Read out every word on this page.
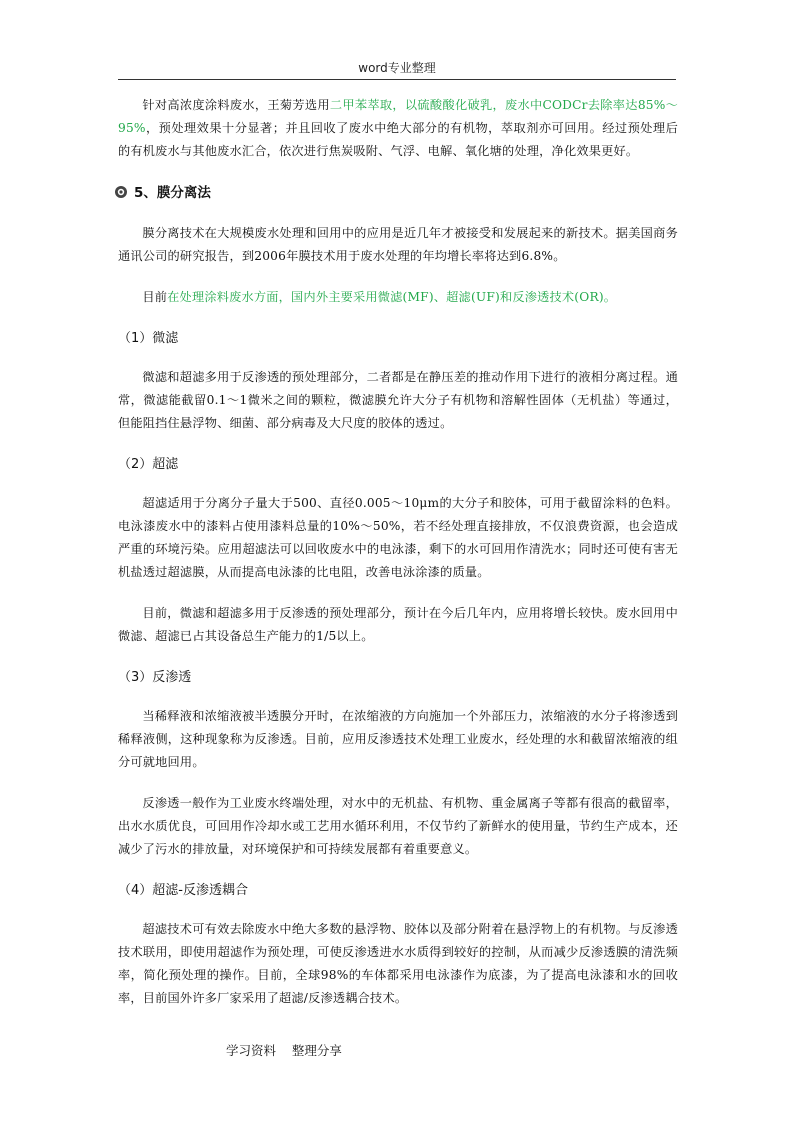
word专业整理

针对高浓度涂料废水，王菊芳选用二甲苯萃取，以硫酸酸化破乳，废水中CODCr去除率达85%～95%，预处理效果十分显著；并且回收了废水中绝大部分的有机物，萃取剂亦可回用。经过预处理后的有机废水与其他废水汇合，依次进行焦炭吸附、气浮、电解、氧化塘的处理，净化效果更好。

5、膜分离法

膜分离技术在大规模废水处理和回用中的应用是近几年才被接受和发展起来的新技术。据美国商务通讯公司的研究报告，到2006年膜技术用于废水处理的年均增长率将达到6.8%。

目前在处理涂料废水方面，国内外主要采用微滤(MF)、超滤(UF)和反渗透技术(OR)。

（1）微滤

微滤和超滤多用于反渗透的预处理部分，二者都是在静压差的推动作用下进行的液相分离过程。通常，微滤能截留0.1～1微米之间的颗粒，微滤膜允许大分子有机物和溶解性固体（无机盐）等通过，但能阻挡住悬浮物、细菌、部分病毒及大尺度的胶体的透过。

（2）超滤

超滤适用于分离分子量大于500、直径0.005～10μm的大分子和胶体，可用于截留涂料的色料。电泳漆废水中的漆料占使用漆料总量的10%～50%，若不经处理直接排放，不仅浪费资源，也会造成严重的环境污染。应用超滤法可以回收废水中的电泳漆，剩下的水可回用作清洗水；同时还可使有害无机盐透过超滤膜，从而提高电泳漆的比电阻，改善电泳涂漆的质量。

目前，微滤和超滤多用于反渗透的预处理部分，预计在今后几年内，应用将增长较快。废水回用中微滤、超滤已占其设备总生产能力的1/5以上。

（3）反渗透

当稀释液和浓缩液被半透膜分开时，在浓缩液的方向施加一个外部压力，浓缩液的水分子将渗透到稀释液侧，这种现象称为反渗透。目前，应用反渗透技术处理工业废水，经处理的水和截留浓缩液的组分可就地回用。

反渗透一般作为工业废水终端处理，对水中的无机盐、有机物、重金属离子等都有很高的截留率，出水水质优良，可回用作冷却水或工艺用水循环利用，不仅节约了新鲜水的使用量，节约生产成本，还减少了污水的排放量，对环境保护和可持续发展都有着重要意义。

（4）超滤-反渗透耦合

超滤技术可有效去除废水中绝大多数的悬浮物、胶体以及部分附着在悬浮物上的有机物。与反渗透技术联用，即使用超滤作为预处理，可使反渗透进水水质得到较好的控制，从而减少反渗透膜的清洗频率，简化预处理的操作。目前，全球98%的车体都采用电泳漆作为底漆，为了提高电泳漆和水的回收率，目前国外许多厂家采用了超滤/反渗透耦合技术。

学习资料 整理分享
